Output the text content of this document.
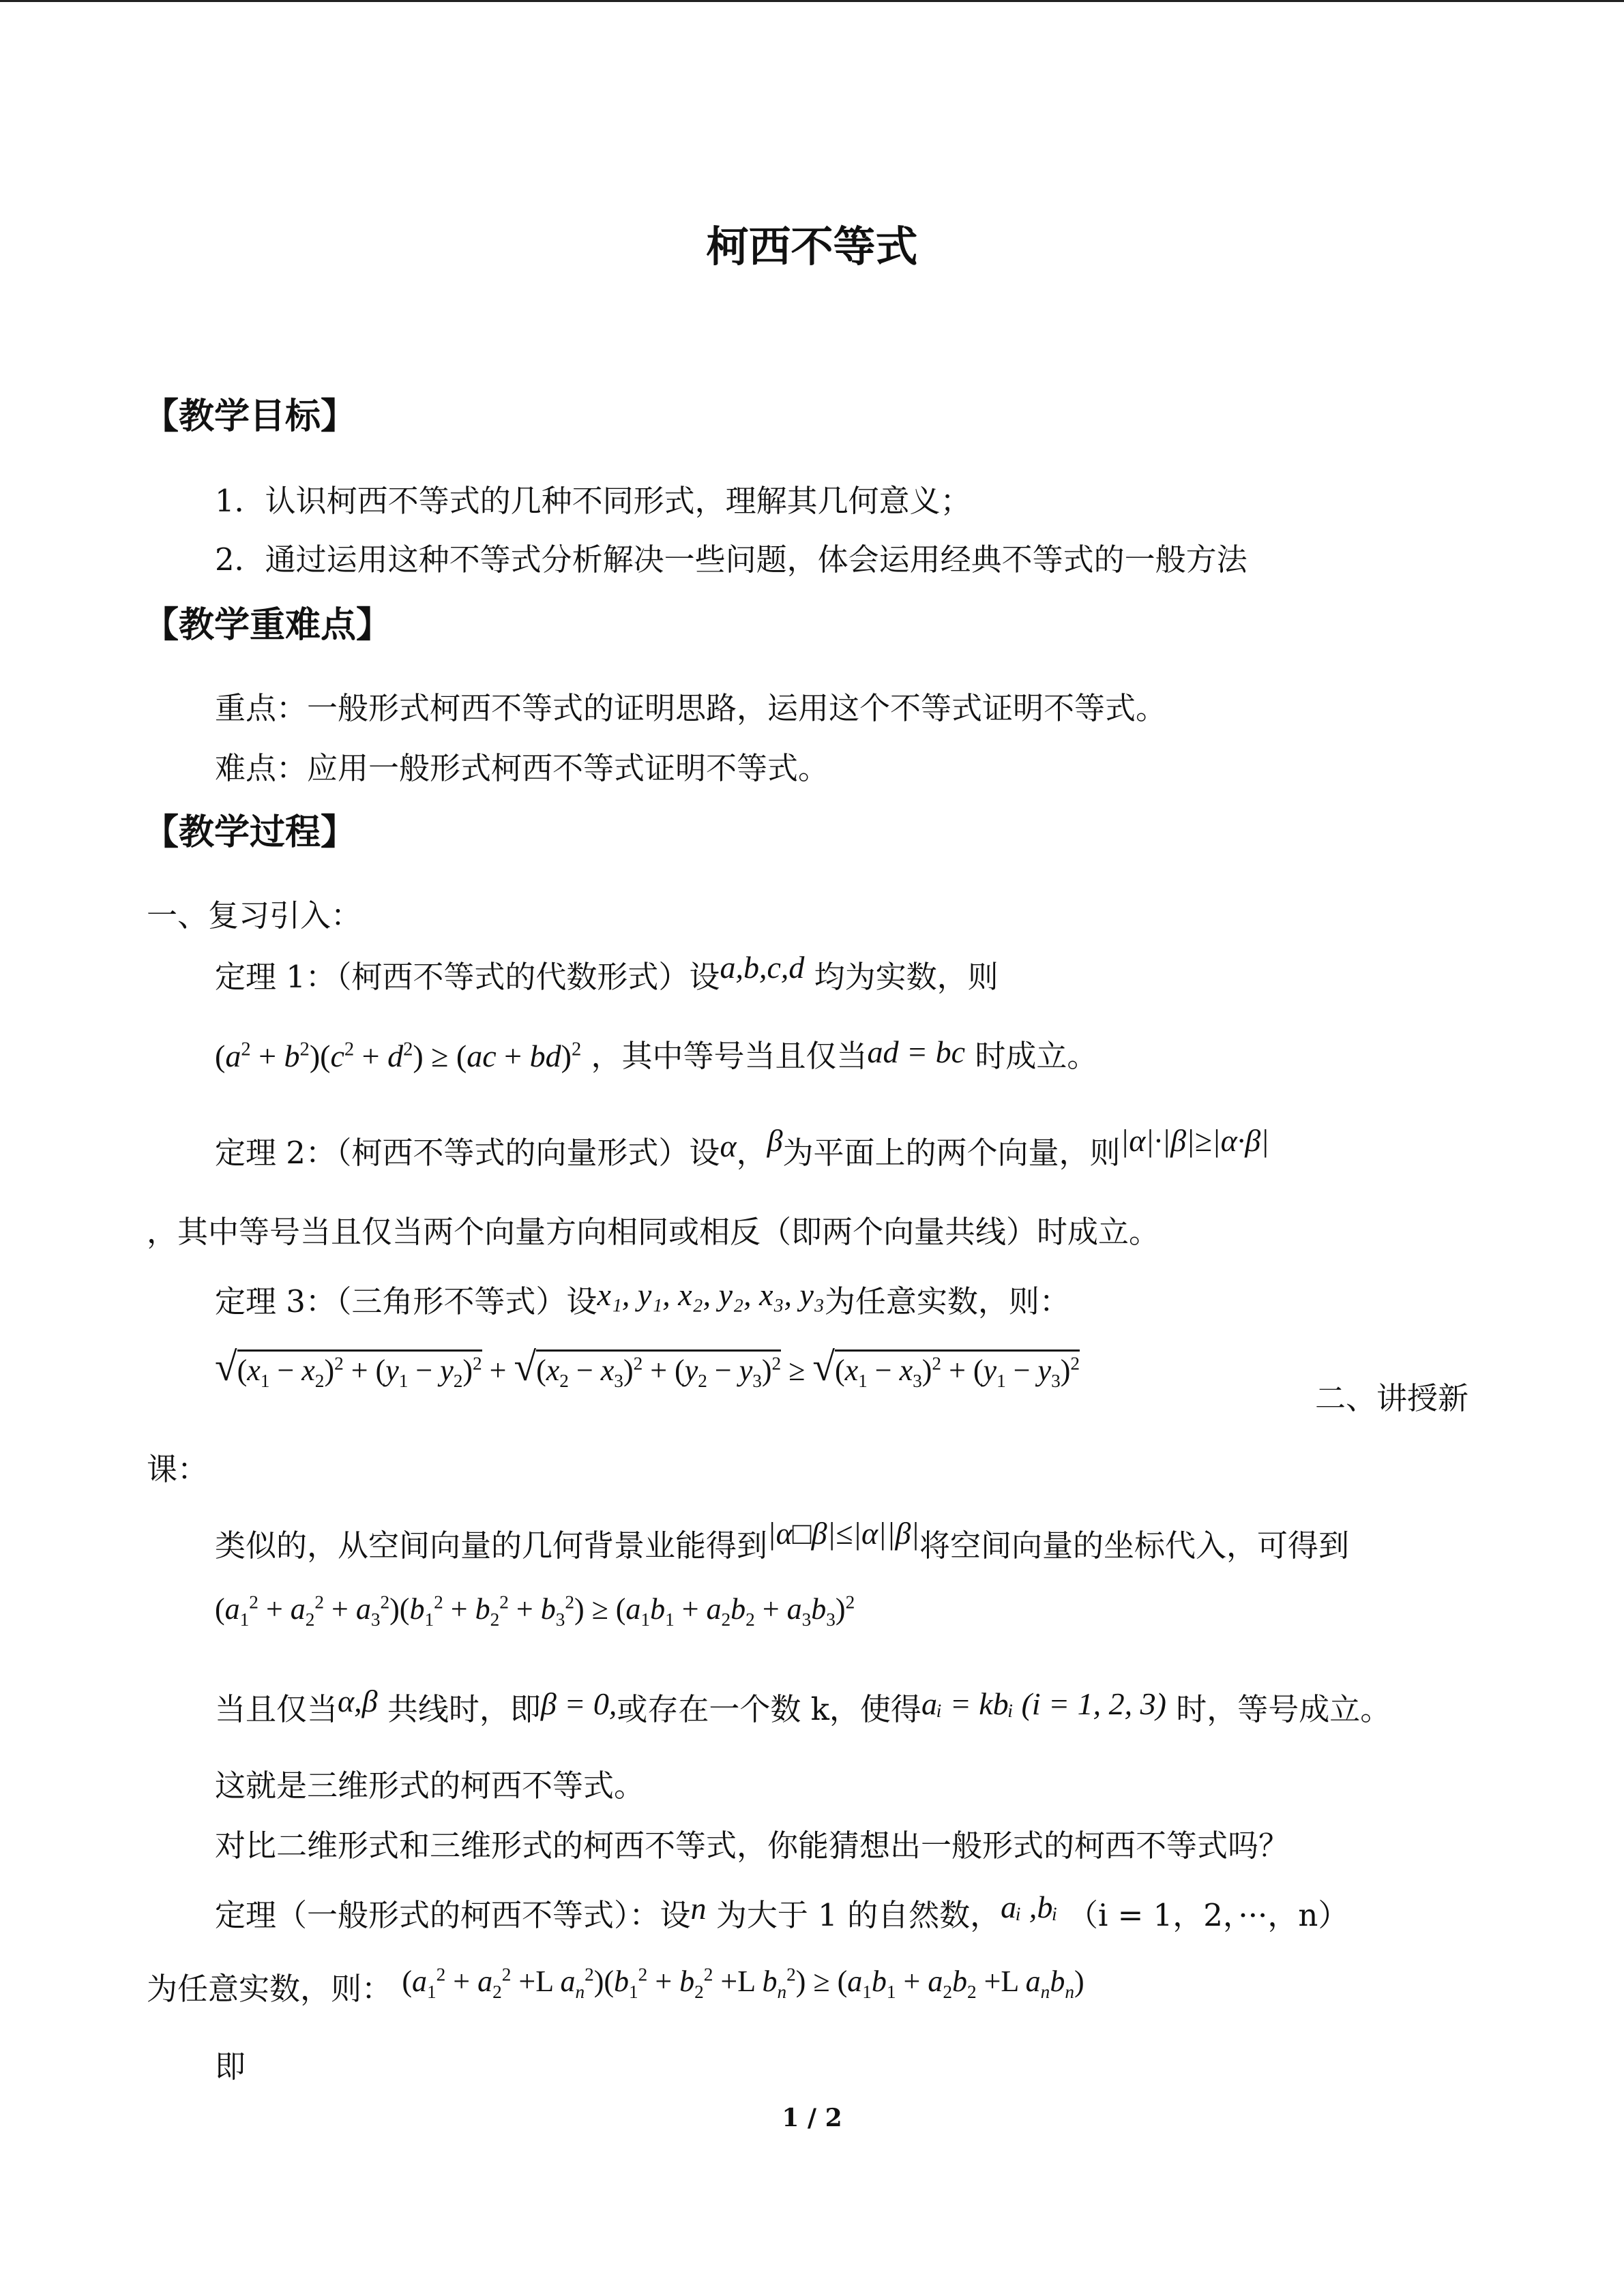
柯西不等式
【教学目标】
1．认识柯西不等式的几种不同形式，理解其几何意义；
2．通过运用这种不等式分析解决一些问题，体会运用经典不等式的一般方法
【教学重难点】
重点：一般形式柯西不等式的证明思路，运用这个不等式证明不等式。
难点：应用一般形式柯西不等式证明不等式。
【教学过程】
一、复习引入：
定理 1：（柯西不等式的代数形式）设a,b,c,d 均为实数，则
$(a^2 + b^2)(c^2 + d^2) \ge (ac + bd)^2$ ，其中等号当且仅当ad = bc 时成立。
定理 2：（柯西不等式的向量形式）设α，β为平面上的两个向量，则|α|·|β|≥|α·β|
，其中等号当且仅当两个向量方向相同或相反（即两个向量共线）时成立。
定理 3：（三角形不等式）设x₁, y₁, x₂, y₂, x₃, y₃为任意实数，则：
$√(x_1 - x_2)^2 + (y_1 - y_2)^2 + √(x_2 - x_3)^2 + (y_2 - y_3)^2 \ge √(x_1 - x_3)^2 + (y_1 - y_3)^2$
二、讲授新
课：
类似的，从空间向量的几何背景业能得到|α□β|≤|α||β|将空间向量的坐标代入，可得到
$(a_1^2 + a_2^2 + a_3^2)(b_1^2 + b_2^2 + b_3^2) \ge (a_1b_1 + a_2b_2 + a_3b_3)^2$
当且仅当α,β 共线时，即β = 0,或存在一个数 k，使得aᵢ = kbᵢ (i = 1, 2, 3) 时，等号成立。
这就是三维形式的柯西不等式。
对比二维形式和三维形式的柯西不等式，你能猜想出一般形式的柯西不等式吗？
定理（一般形式的柯西不等式）：设n 为大于 1 的自然数，aᵢ ,bᵢ （i = 1，2，···，n）
为任意实数，则： ($a_1^2 + a_2^2 +L$ $a_n^2)(b_1^2 + b_2^2 +L$ $b_n^2) \ge (a_1b_1 + a_2b_2 +L$ $a_nb_n$)
即
1 / 2
